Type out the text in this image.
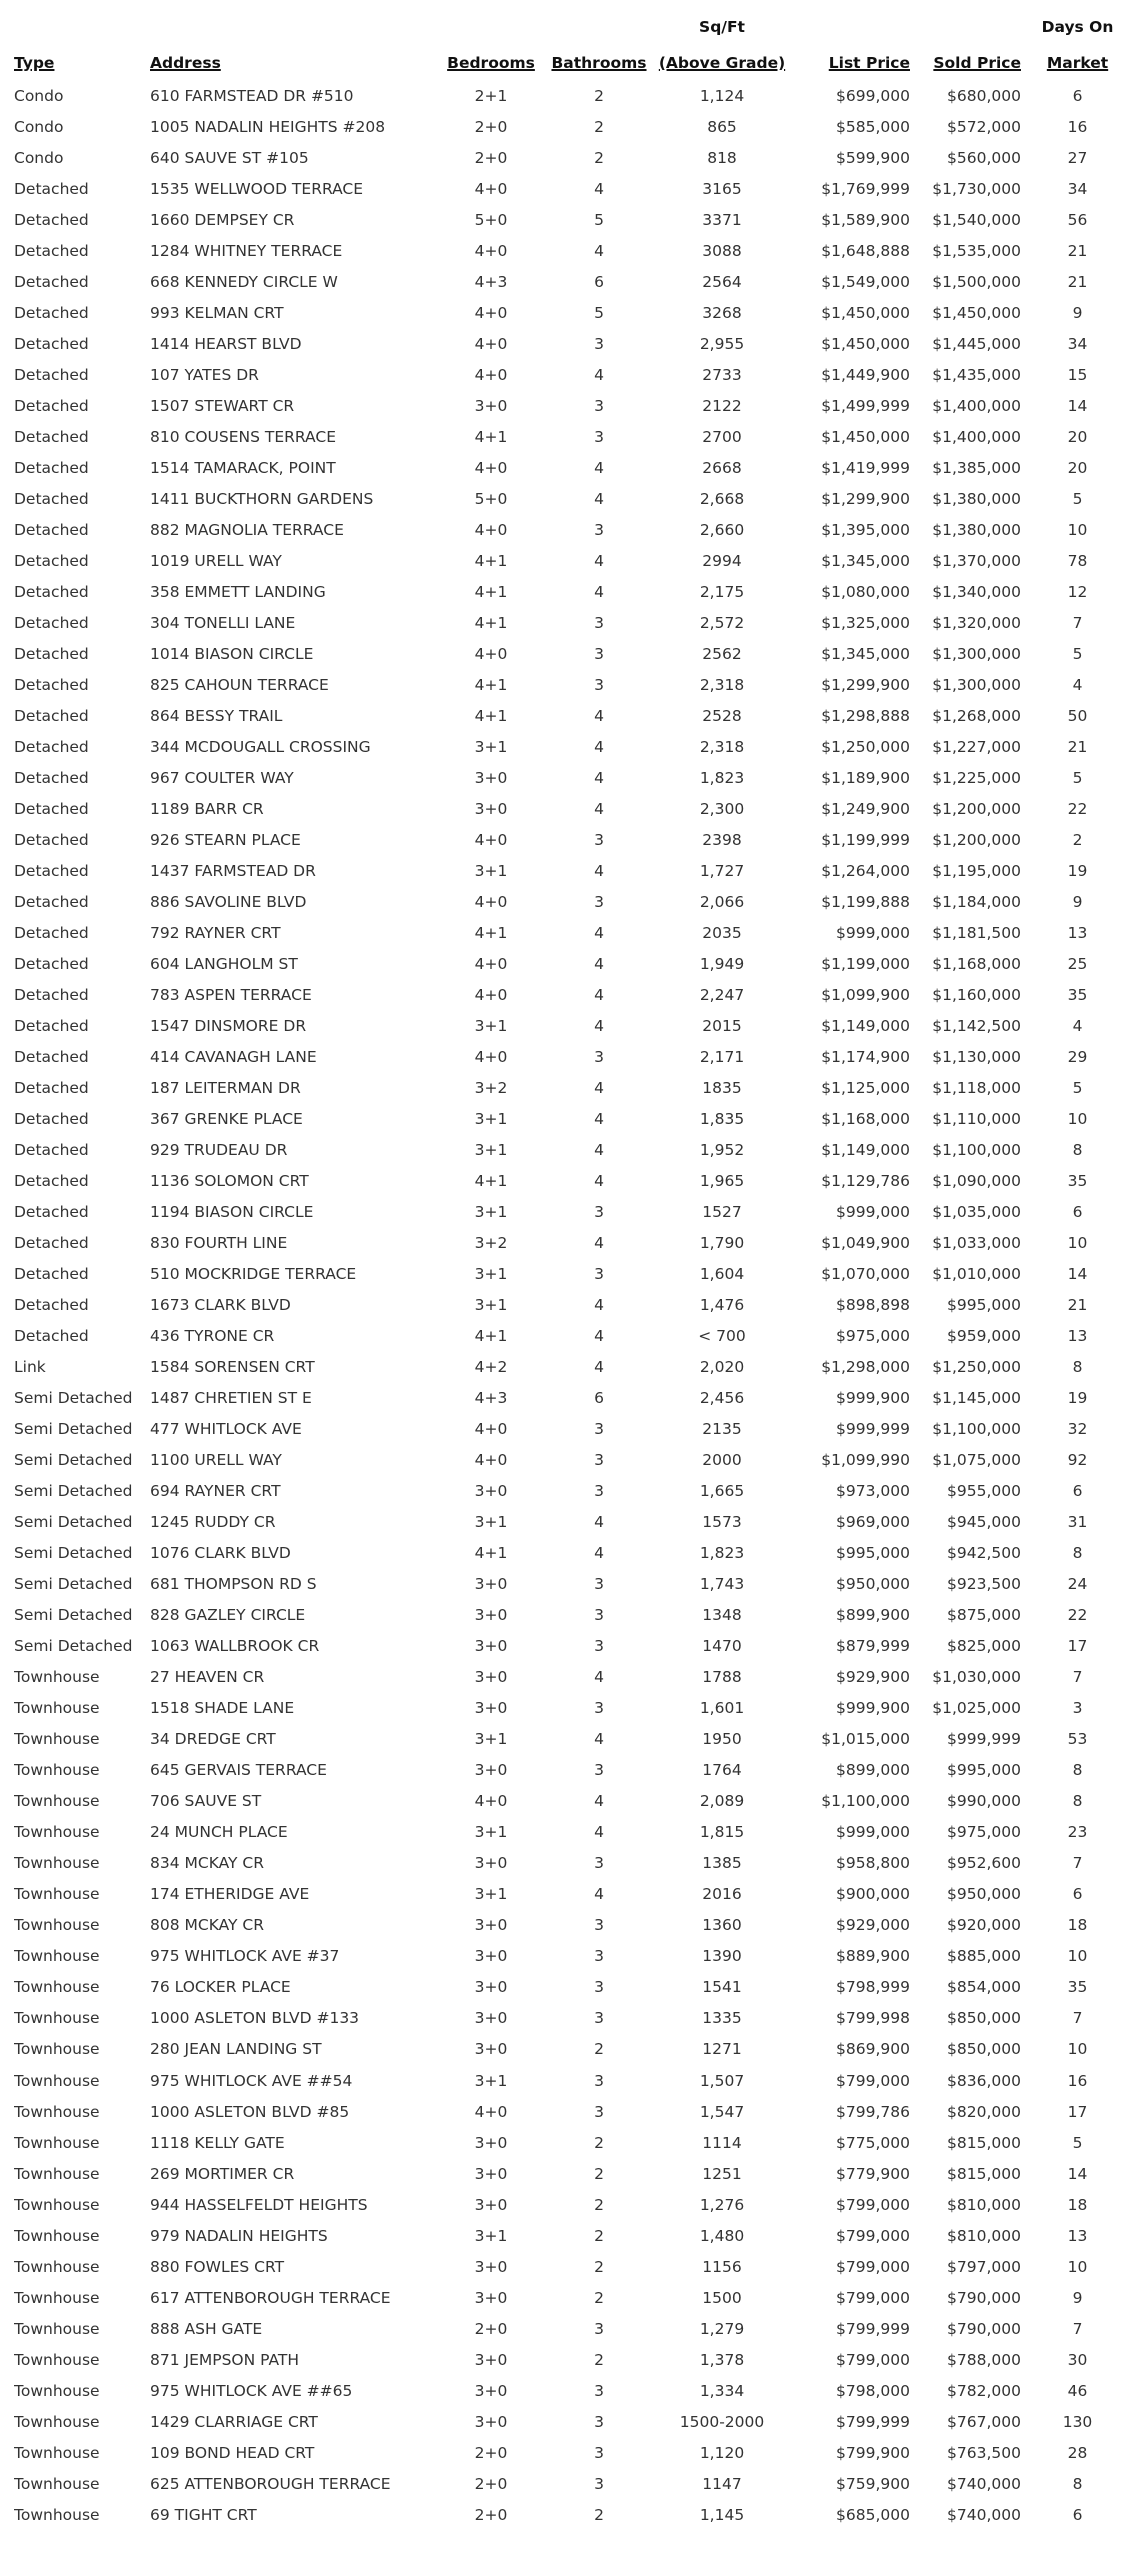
				Sq/Ft			Days On
Type	Address	Bedrooms	Bathrooms	(Above Grade)	List Price	Sold Price	Market
Condo	610 FARMSTEAD DR #510	2+1	2	1,124	$699,000	$680,000	6
Condo	1005 NADALIN HEIGHTS #208	2+0	2	865	$585,000	$572,000	16
Condo	640 SAUVE ST #105	2+0	2	818	$599,900	$560,000	27
Detached	1535 WELLWOOD TERRACE	4+0	4	3165	$1,769,999	$1,730,000	34
Detached	1660 DEMPSEY CR	5+0	5	3371	$1,589,900	$1,540,000	56
Detached	1284 WHITNEY TERRACE	4+0	4	3088	$1,648,888	$1,535,000	21
Detached	668 KENNEDY CIRCLE W	4+3	6	2564	$1,549,000	$1,500,000	21
Detached	993 KELMAN CRT	4+0	5	3268	$1,450,000	$1,450,000	9
Detached	1414 HEARST BLVD	4+0	3	2,955	$1,450,000	$1,445,000	34
Detached	107 YATES DR	4+0	4	2733	$1,449,900	$1,435,000	15
Detached	1507 STEWART CR	3+0	3	2122	$1,499,999	$1,400,000	14
Detached	810 COUSENS TERRACE	4+1	3	2700	$1,450,000	$1,400,000	20
Detached	1514 TAMARACK, POINT	4+0	4	2668	$1,419,999	$1,385,000	20
Detached	1411 BUCKTHORN GARDENS	5+0	4	2,668	$1,299,900	$1,380,000	5
Detached	882 MAGNOLIA TERRACE	4+0	3	2,660	$1,395,000	$1,380,000	10
Detached	1019 URELL WAY	4+1	4	2994	$1,345,000	$1,370,000	78
Detached	358 EMMETT LANDING	4+1	4	2,175	$1,080,000	$1,340,000	12
Detached	304 TONELLI LANE	4+1	3	2,572	$1,325,000	$1,320,000	7
Detached	1014 BIASON CIRCLE	4+0	3	2562	$1,345,000	$1,300,000	5
Detached	825 CAHOUN TERRACE	4+1	3	2,318	$1,299,900	$1,300,000	4
Detached	864 BESSY TRAIL	4+1	4	2528	$1,298,888	$1,268,000	50
Detached	344 MCDOUGALL CROSSING	3+1	4	2,318	$1,250,000	$1,227,000	21
Detached	967 COULTER WAY	3+0	4	1,823	$1,189,900	$1,225,000	5
Detached	1189 BARR CR	3+0	4	2,300	$1,249,900	$1,200,000	22
Detached	926 STEARN PLACE	4+0	3	2398	$1,199,999	$1,200,000	2
Detached	1437 FARMSTEAD DR	3+1	4	1,727	$1,264,000	$1,195,000	19
Detached	886 SAVOLINE BLVD	4+0	3	2,066	$1,199,888	$1,184,000	9
Detached	792 RAYNER CRT	4+1	4	2035	$999,000	$1,181,500	13
Detached	604 LANGHOLM ST	4+0	4	1,949	$1,199,000	$1,168,000	25
Detached	783 ASPEN TERRACE	4+0	4	2,247	$1,099,900	$1,160,000	35
Detached	1547 DINSMORE DR	3+1	4	2015	$1,149,000	$1,142,500	4
Detached	414 CAVANAGH LANE	4+0	3	2,171	$1,174,900	$1,130,000	29
Detached	187 LEITERMAN DR	3+2	4	1835	$1,125,000	$1,118,000	5
Detached	367 GRENKE PLACE	3+1	4	1,835	$1,168,000	$1,110,000	10
Detached	929 TRUDEAU DR	3+1	4	1,952	$1,149,000	$1,100,000	8
Detached	1136 SOLOMON CRT	4+1	4	1,965	$1,129,786	$1,090,000	35
Detached	1194 BIASON CIRCLE	3+1	3	1527	$999,000	$1,035,000	6
Detached	830 FOURTH LINE	3+2	4	1,790	$1,049,900	$1,033,000	10
Detached	510 MOCKRIDGE TERRACE	3+1	3	1,604	$1,070,000	$1,010,000	14
Detached	1673 CLARK BLVD	3+1	4	1,476	$898,898	$995,000	21
Detached	436 TYRONE CR	4+1	4	< 700	$975,000	$959,000	13
Link	1584 SORENSEN CRT	4+2	4	2,020	$1,298,000	$1,250,000	8
Semi Detached	1487 CHRETIEN ST E	4+3	6	2,456	$999,900	$1,145,000	19
Semi Detached	477 WHITLOCK AVE	4+0	3	2135	$999,999	$1,100,000	32
Semi Detached	1100 URELL WAY	4+0	3	2000	$1,099,990	$1,075,000	92
Semi Detached	694 RAYNER CRT	3+0	3	1,665	$973,000	$955,000	6
Semi Detached	1245 RUDDY CR	3+1	4	1573	$969,000	$945,000	31
Semi Detached	1076 CLARK BLVD	4+1	4	1,823	$995,000	$942,500	8
Semi Detached	681 THOMPSON RD S	3+0	3	1,743	$950,000	$923,500	24
Semi Detached	828 GAZLEY CIRCLE	3+0	3	1348	$899,900	$875,000	22
Semi Detached	1063 WALLBROOK CR	3+0	3	1470	$879,999	$825,000	17
Townhouse	27 HEAVEN CR	3+0	4	1788	$929,900	$1,030,000	7
Townhouse	1518 SHADE LANE	3+0	3	1,601	$999,900	$1,025,000	3
Townhouse	34 DREDGE CRT	3+1	4	1950	$1,015,000	$999,999	53
Townhouse	645 GERVAIS TERRACE	3+0	3	1764	$899,000	$995,000	8
Townhouse	706 SAUVE ST	4+0	4	2,089	$1,100,000	$990,000	8
Townhouse	24 MUNCH PLACE	3+1	4	1,815	$999,000	$975,000	23
Townhouse	834 MCKAY CR	3+0	3	1385	$958,800	$952,600	7
Townhouse	174 ETHERIDGE AVE	3+1	4	2016	$900,000	$950,000	6
Townhouse	808 MCKAY CR	3+0	3	1360	$929,000	$920,000	18
Townhouse	975 WHITLOCK AVE #37	3+0	3	1390	$889,900	$885,000	10
Townhouse	76 LOCKER PLACE	3+0	3	1541	$798,999	$854,000	35
Townhouse	1000 ASLETON BLVD #133	3+0	3	1335	$799,998	$850,000	7
Townhouse	280 JEAN LANDING ST	3+0	2	1271	$869,900	$850,000	10
Townhouse	975 WHITLOCK AVE ##54	3+1	3	1,507	$799,000	$836,000	16
Townhouse	1000 ASLETON BLVD #85	4+0	3	1,547	$799,786	$820,000	17
Townhouse	1118 KELLY GATE	3+0	2	1114	$775,000	$815,000	5
Townhouse	269 MORTIMER CR	3+0	2	1251	$779,900	$815,000	14
Townhouse	944 HASSELFELDT HEIGHTS	3+0	2	1,276	$799,000	$810,000	18
Townhouse	979 NADALIN HEIGHTS	3+1	2	1,480	$799,000	$810,000	13
Townhouse	880 FOWLES CRT	3+0	2	1156	$799,000	$797,000	10
Townhouse	617 ATTENBOROUGH TERRACE	3+0	2	1500	$799,000	$790,000	9
Townhouse	888 ASH GATE	2+0	3	1,279	$799,999	$790,000	7
Townhouse	871 JEMPSON PATH	3+0	2	1,378	$799,000	$788,000	30
Townhouse	975 WHITLOCK AVE ##65	3+0	3	1,334	$798,000	$782,000	46
Townhouse	1429 CLARRIAGE CRT	3+0	3	1500-2000	$799,999	$767,000	130
Townhouse	109 BOND HEAD CRT	2+0	3	1,120	$799,900	$763,500	28
Townhouse	625 ATTENBOROUGH TERRACE	2+0	3	1147	$759,900	$740,000	8
Townhouse	69 TIGHT CRT	2+0	2	1,145	$685,000	$740,000	6
